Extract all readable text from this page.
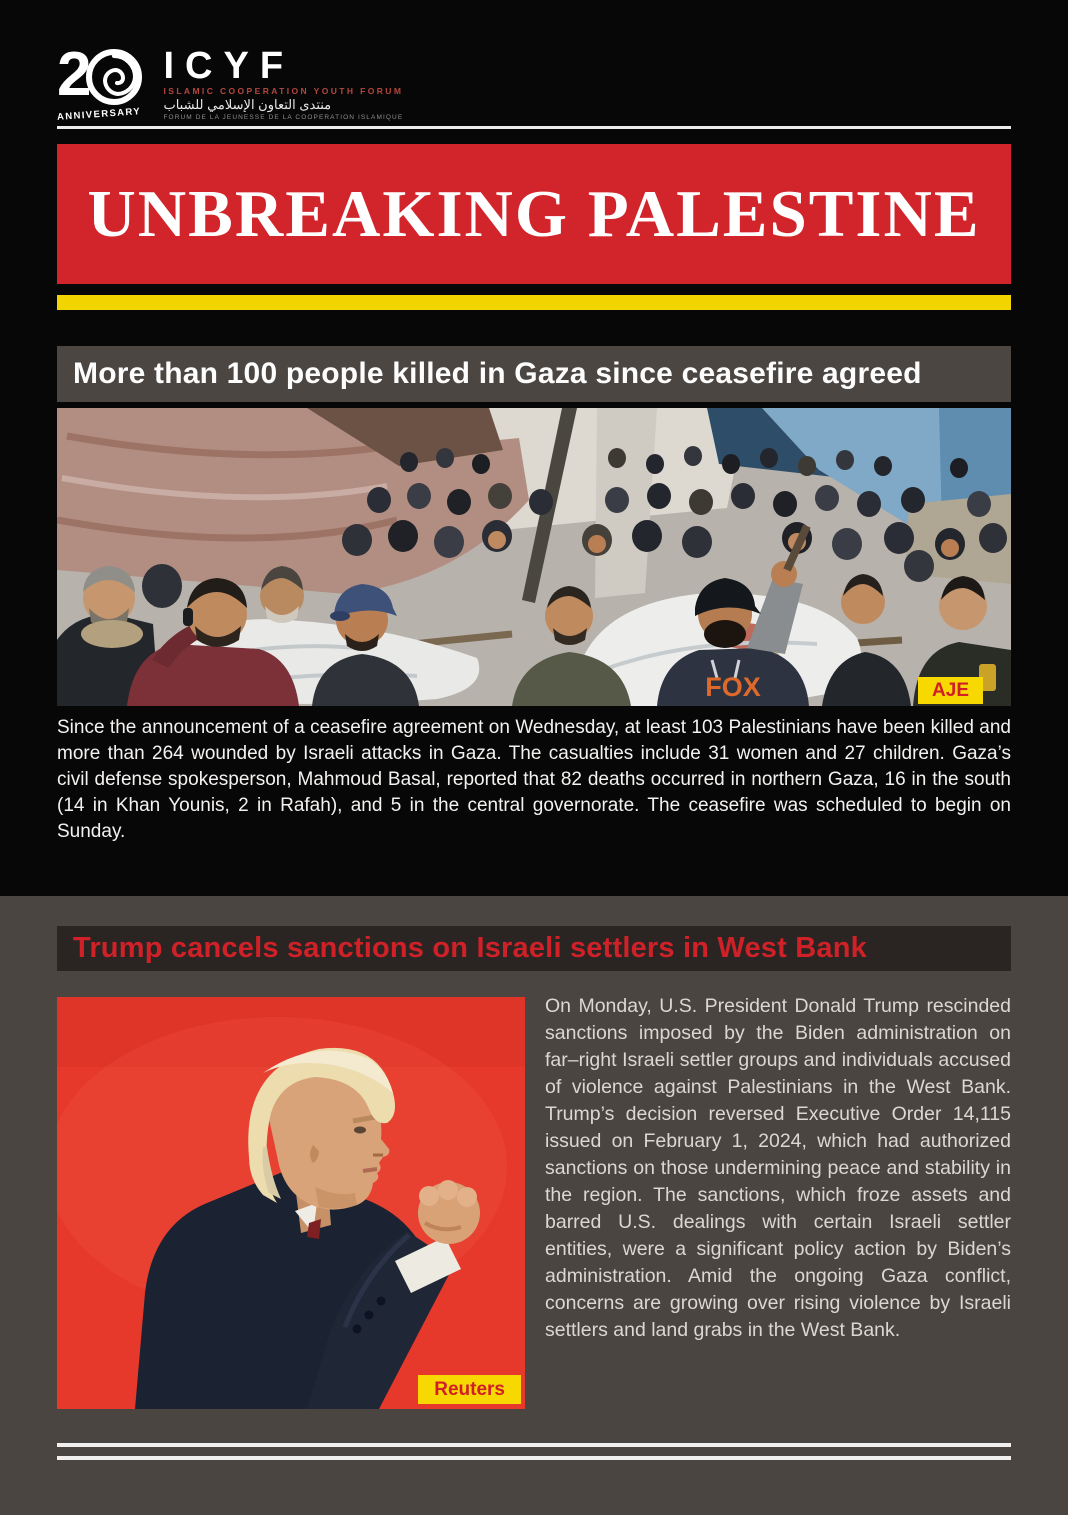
2
ANNIVERSARY
ICYF
ISLAMIC COOPERATION YOUTH FORUM
منتدى التعاون الإسلامي للشباب
FORUM DE LA JEUNESSE DE LA COOPERATION ISLAMIQUE
UNBREAKING PALESTINE
More than 100 people killed in Gaza since ceasefire agreed
FOX	AJE

Since the announcement of a ceasefire agreement on Wednesday, at least 103 Palestinians have been killed and more than 264 wounded by Israeli attacks in Gaza. The casualties include 31 women and 27 children. Gaza’s civil defense spokesperson, Mahmoud Basal, reported that 82 deaths occurred in northern Gaza, 16 in the south (14 in Khan Younis, 2 in Rafah), and 5 in the central governorate. The ceasefire was scheduled to begin on Sunday.

Trump cancels sanctions on Israeli settlers in West Bank
Reuters

On Monday, U.S. President Donald Trump rescinded sanctions imposed by the Biden administration on far–right Israeli settler groups and individuals accused of violence against Palestinians in the West Bank. Trump’s decision reversed Executive Order 14,115 issued on February 1, 2024, which had authorized sanctions on those undermining peace and stability in the region. The sanctions, which froze assets and barred U.S. dealings with certain Israeli settler entities, were a significant policy action by Biden’s administration. Amid the ongoing Gaza conflict, concerns are growing over rising violence by Israeli settlers and land grabs in the West Bank.
